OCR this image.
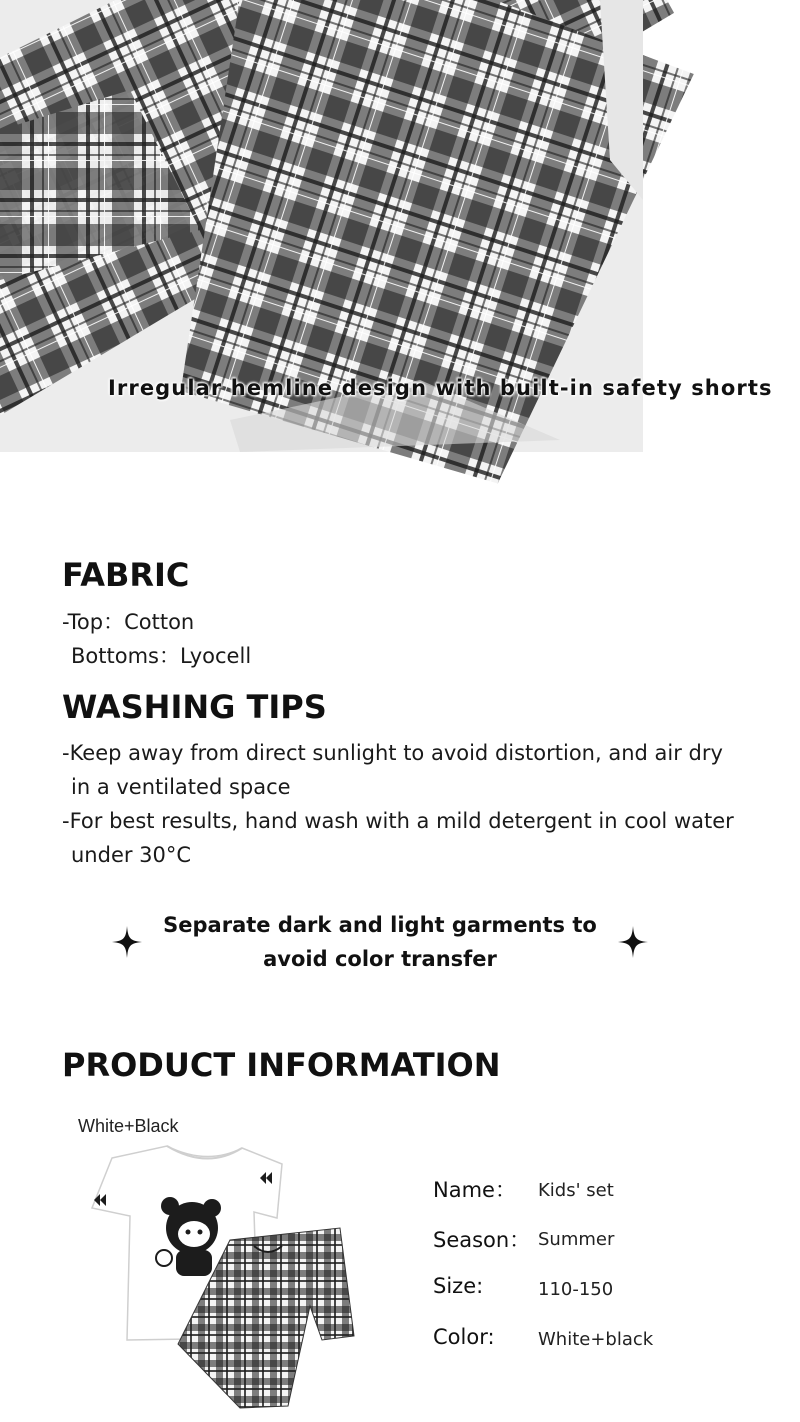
Irregular hemline design with built-in safety shorts
FABRIC
-Top：Cotton
Bottoms：Lyocell
WASHING TIPS
-Keep away from direct sunlight to avoid distortion, and air dry
in a ventilated space
-For best results, hand wash with a mild detergent in cool water
under 30°C
Separate dark and light garments to
avoid color transfer
PRODUCT INFORMATION
White+Black
Name： Kids' set
Season： Summer
Size:	110-150
Color: White+black
